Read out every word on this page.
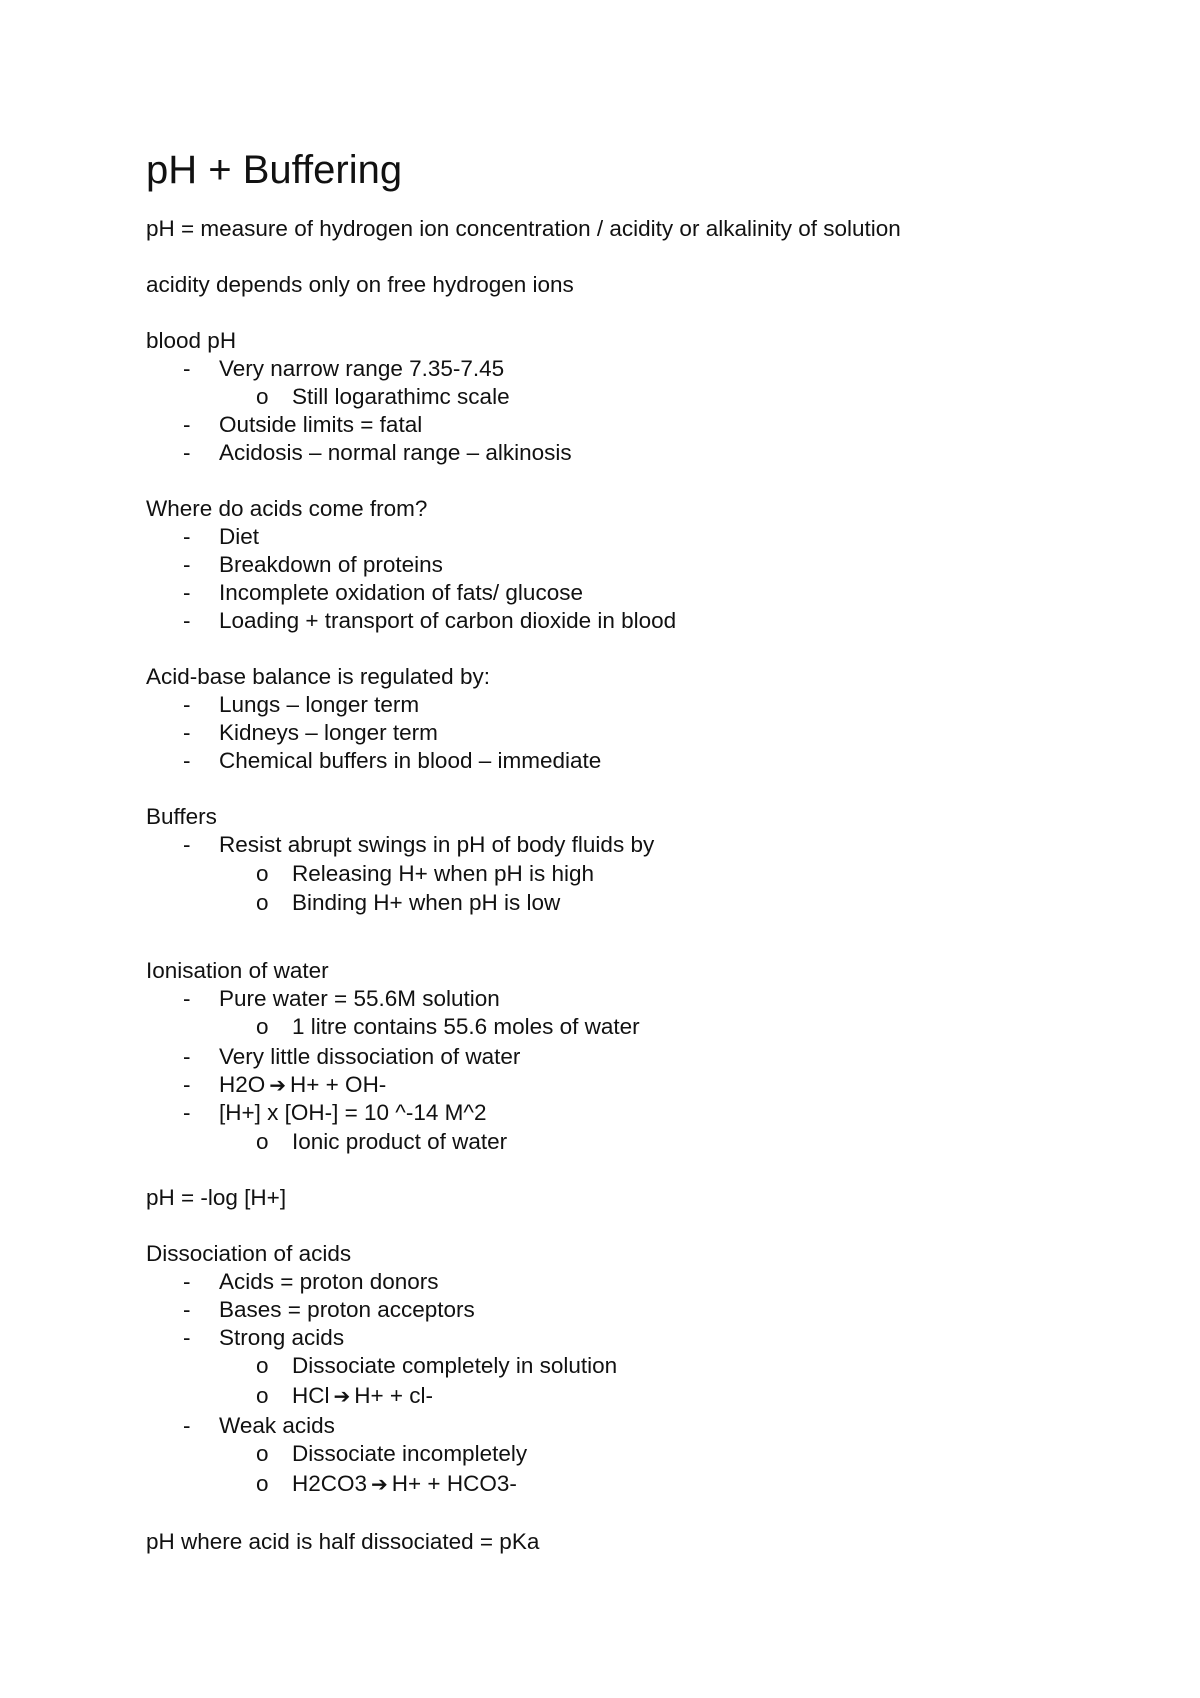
pH + Buffering
pH = measure of hydrogen ion concentration / acidity or alkalinity of solution
acidity depends only on free hydrogen ions
blood pH
- Very narrow range 7.35-7.45
o Still logarathimc scale
- Outside limits = fatal
- Acidosis – normal range – alkinosis
Where do acids come from?
- Diet
- Breakdown of proteins
- Incomplete oxidation of fats/ glucose
- Loading + transport of carbon dioxide in blood
Acid-base balance is regulated by:
- Lungs – longer term
- Kidneys – longer term
- Chemical buffers in blood – immediate
Buffers
- Resist abrupt swings in pH of body fluids by
o Releasing H+ when pH is high
o Binding H+ when pH is low
Ionisation of water
- Pure water = 55.6M solution
o 1 litre contains 55.6 moles of water
- Very little dissociation of water
- H2O ➔ H+ + OH-
- [H+] x [OH-] = 10 ^-14 M^2
o Ionic product of water
pH = -log [H+]
Dissociation of acids
- Acids = proton donors
- Bases = proton acceptors
- Strong acids
o Dissociate completely in solution
o HCl ➔ H+ + cl-
- Weak acids
o Dissociate incompletely
o H2CO3 ➔ H+ + HCO3-
pH where acid is half dissociated = pKa
